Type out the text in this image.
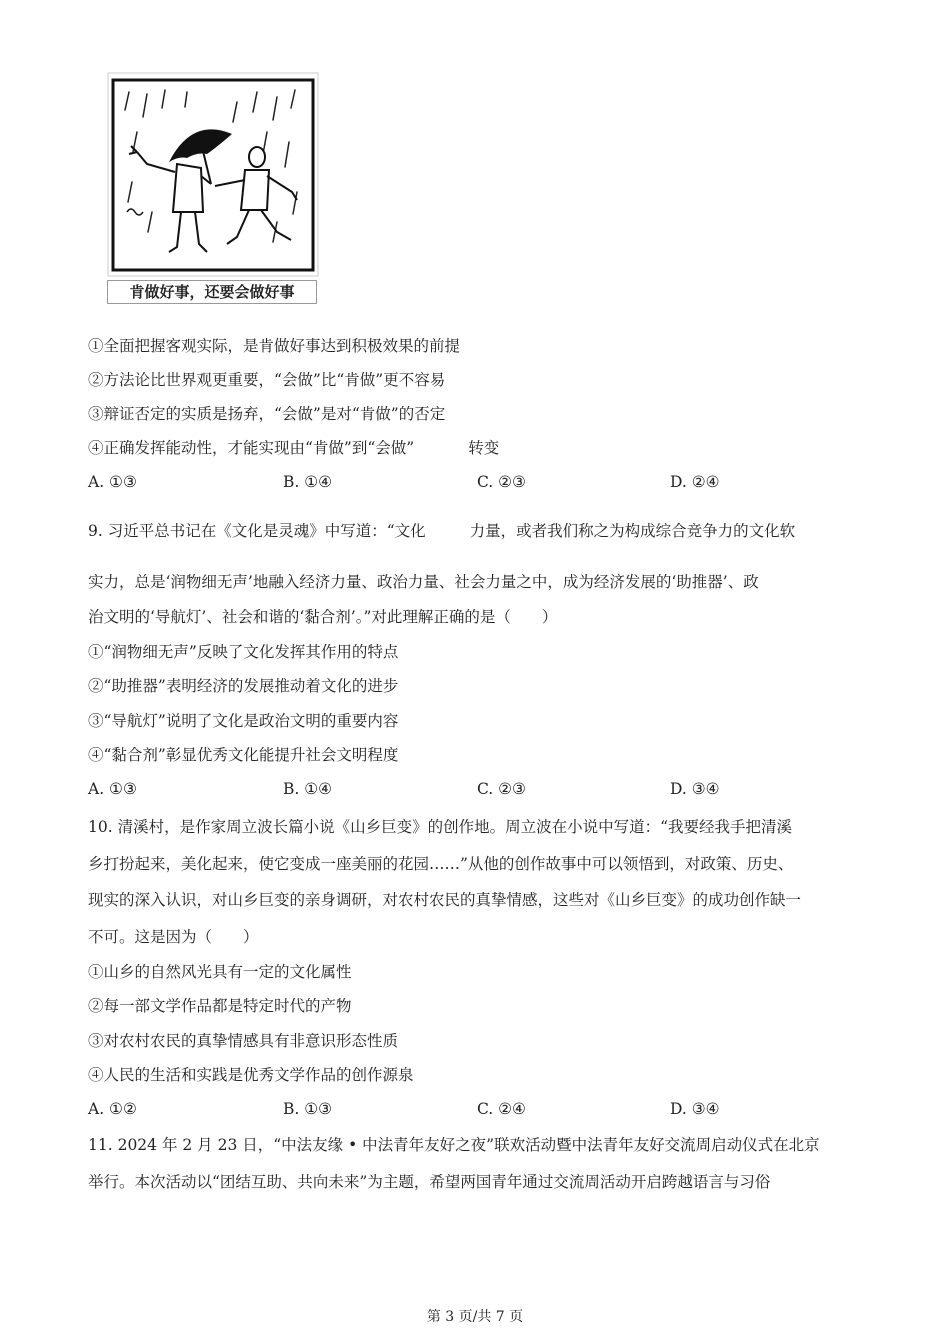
肯做好事，还要会做好事
①全面把握客观实际，是肯做好事达到积极效果的前提
②方法论比世界观更重要，“会做”比“肯做”更不容易
③辩证否定的实质是扬弃，“会做”是对“肯做”的否定
④正确发挥能动性，才能实现由“肯做”到“会做”	转变
A. ①③	B. ①④	C. ②③	D. ②④
9. 习近平总书记在《文化是灵魂》中写道：“文化	力量，或者我们称之为构成综合竞争力的文化软
实力，总是‘润物细无声’地融入经济力量、政治力量、社会力量之中，成为经济发展的‘助推器’、政
治文明的‘导航灯’、社会和谐的‘黏合剂’。”对此理解正确的是（　　）
①“润物细无声”反映了文化发挥其作用的特点
②“助推器”表明经济的发展推动着文化的进步
③“导航灯”说明了文化是政治文明的重要内容
④“黏合剂”彰显优秀文化能提升社会文明程度
A. ①③	B. ①④	C. ②③	D. ③④
10. 清溪村，是作家周立波长篇小说《山乡巨变》的创作地。周立波在小说中写道：“我要经我手把清溪
乡打扮起来，美化起来，使它变成一座美丽的花园……”从他的创作故事中可以领悟到，对政策、历史、
现实的深入认识，对山乡巨变的亲身调研，对农村农民的真挚情感，这些对《山乡巨变》的成功创作缺一
不可。这是因为（　　）
①山乡的自然风光具有一定的文化属性
②每一部文学作品都是特定时代的产物
③对农村农民的真挚情感具有非意识形态性质
④人民的生活和实践是优秀文学作品的创作源泉
A. ①②	B. ①③	C. ②④	D. ③④
11. 2024 年 2 月 23 日，“中法友缘 • 中法青年友好之夜”联欢活动暨中法青年友好交流周启动仪式在北京
举行。本次活动以“团结互助、共向未来”为主题，希望两国青年通过交流周活动开启跨越语言与习俗
第 3 页/共 7 页
